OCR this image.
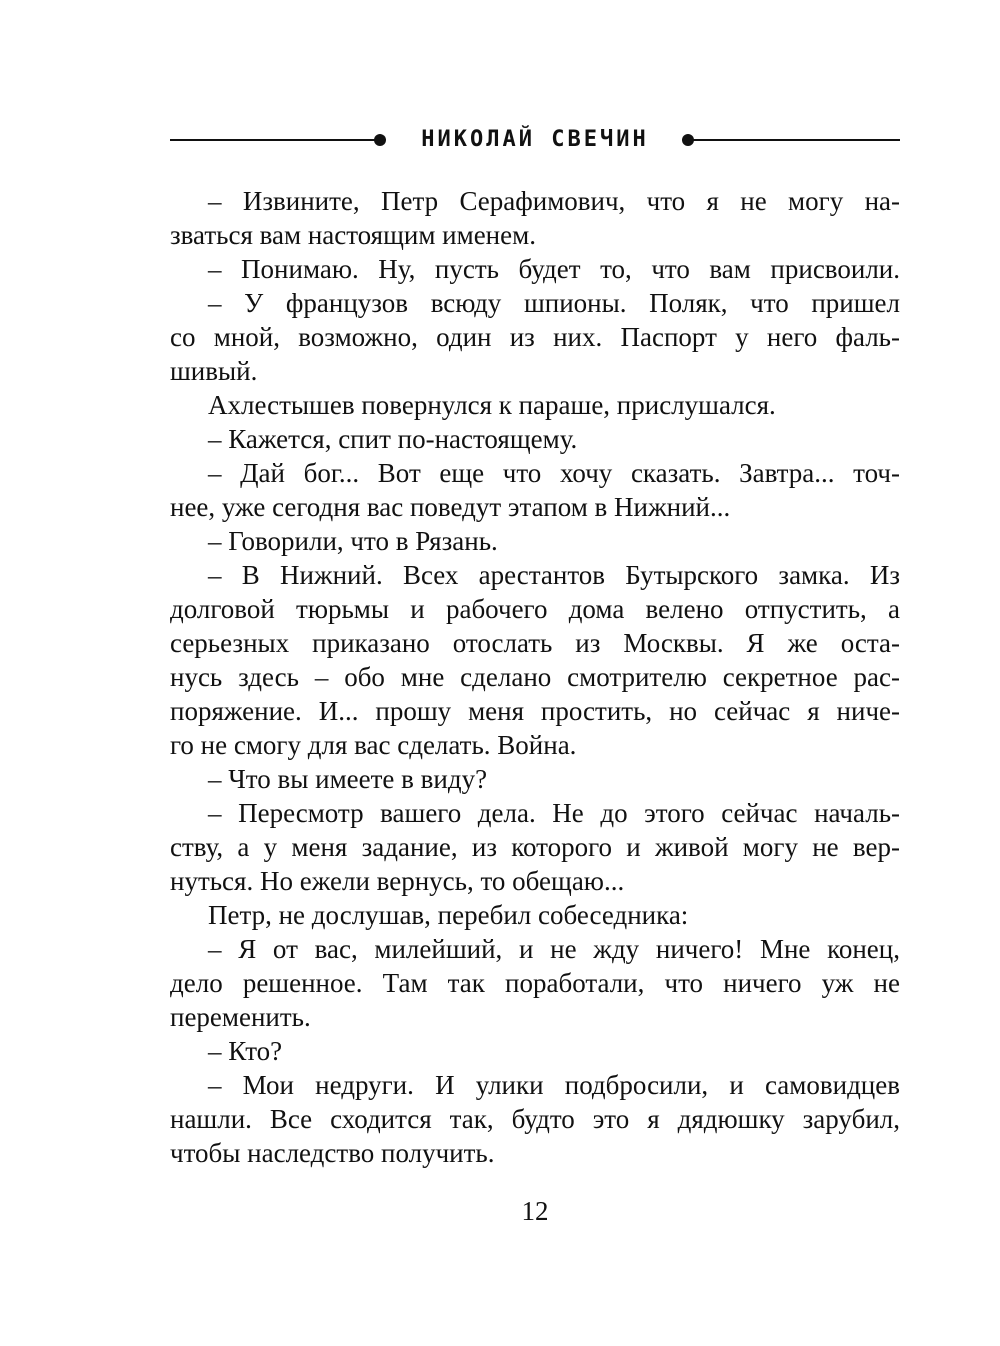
НИКОЛАЙ СВЕЧИН
– Извините, Петр Серафимович, что я не могу на-
зваться вам настоящим именем.
– Понимаю. Ну, пусть будет то, что вам присвоили.
– У французов всюду шпионы. Поляк, что пришел
со мной, возможно, один из них. Паспорт у него фаль-
шивый.
Ахлестышев повернулся к параше, прислушался.
– Кажется, спит по-настоящему.
– Дай бог... Вот еще что хочу сказать. Завтра... точ-
нее, уже сегодня вас поведут этапом в Нижний...
– Говорили, что в Рязань.
– В Нижний. Всех арестантов Бутырского замка. Из
долговой тюрьмы и рабочего дома велено отпустить, а
серьезных приказано отослать из Москвы. Я же оста-
нусь здесь – обо мне сделано смотрителю секретное рас-
поряжение. И... прошу меня простить, но сейчас я ниче-
го не смогу для вас сделать. Война.
– Что вы имеете в виду?
– Пересмотр вашего дела. Не до этого сейчас началь-
ству, а у меня задание, из которого и живой могу не вер-
нуться. Но ежели вернусь, то обещаю...
Петр, не дослушав, перебил собеседника:
– Я от вас, милейший, и не жду ничего! Мне конец,
дело решенное. Там так поработали, что ничего уж не
переменить.
– Кто?
– Мои недруги. И улики подбросили, и самовидцев
нашли. Все сходится так, будто это я дядюшку зарубил,
чтобы наследство получить.
12
